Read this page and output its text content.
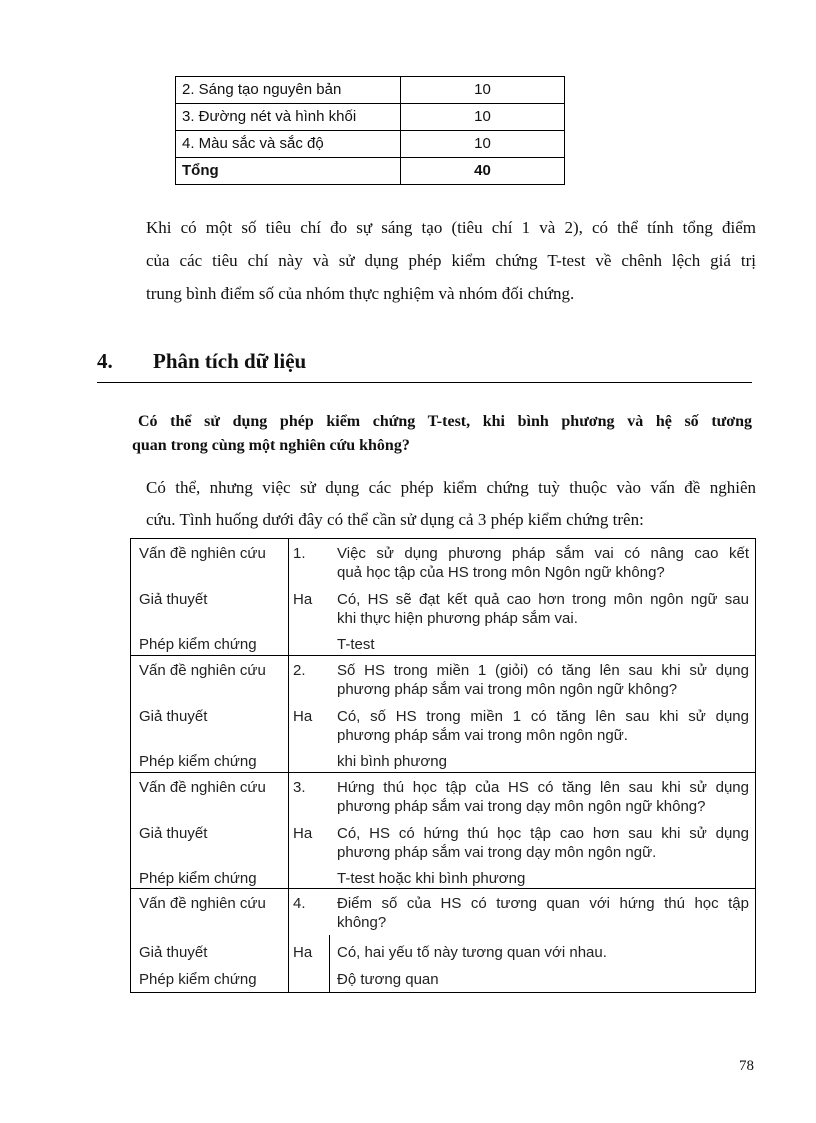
2. Sáng tạo nguyên bản	10
3. Đường nét và hình khối	10
4. Màu sắc và sắc độ	10
Tổng	40
Khi có một số tiêu chí đo sự sáng tạo (tiêu chí 1 và 2), có thể tính tổng điểm
của các tiêu chí này và sử dụng phép kiểm chứng T-test về chênh lệch giá trị
trung bình điểm số của nhóm thực nghiệm và nhóm đối chứng.
4. Phân tích dữ liệu
Có thể sử dụng phép kiểm chứng T-test, khi bình phương và hệ số tương
quan trong cùng một nghiên cứu không?
Có thể, nhưng việc sử dụng các phép kiểm chứng tuỳ thuộc vào vấn đề nghiên
cứu. Tình huống dưới đây có thể cần sử dụng cả 3 phép kiểm chứng trên:
Vấn đề nghiên cứu 1. Việc sử dụng phương pháp sắm vai có nâng cao kết
quả học tập của HS trong môn Ngôn ngữ không?
Giả thuyết	Ha Có, HS sẽ đạt kết quả cao hơn trong môn ngôn ngữ sau
khi thực hiện phương pháp sắm vai.
Phép kiểm chứng	T-test
Vấn đề nghiên cứu 2. Số HS trong miền 1 (giỏi) có tăng lên sau khi sử dụng
phương pháp sắm vai trong môn ngôn ngữ không?
Giả thuyết	Ha Có, số HS trong miền 1 có tăng lên sau khi sử dụng
phương pháp sắm vai trong môn ngôn ngữ.
Phép kiểm chứng	khi bình phương
Vấn đề nghiên cứu 3. Hứng thú học tập của HS có tăng lên sau khi sử dụng
phương pháp sắm vai trong dạy môn ngôn ngữ không?
Giả thuyết	Ha Có, HS có hứng thú học tập cao hơn sau khi sử dụng
phương pháp sắm vai trong dạy môn ngôn ngữ.
Phép kiểm chứng	T-test hoặc khi bình phương
Vấn đề nghiên cứu 4. Điểm số của HS có tương quan với hứng thú học tập
không?
Giả thuyết	Ha Có, hai yếu tố này tương quan với nhau.
Phép kiểm chứng	Độ tương quan
78
